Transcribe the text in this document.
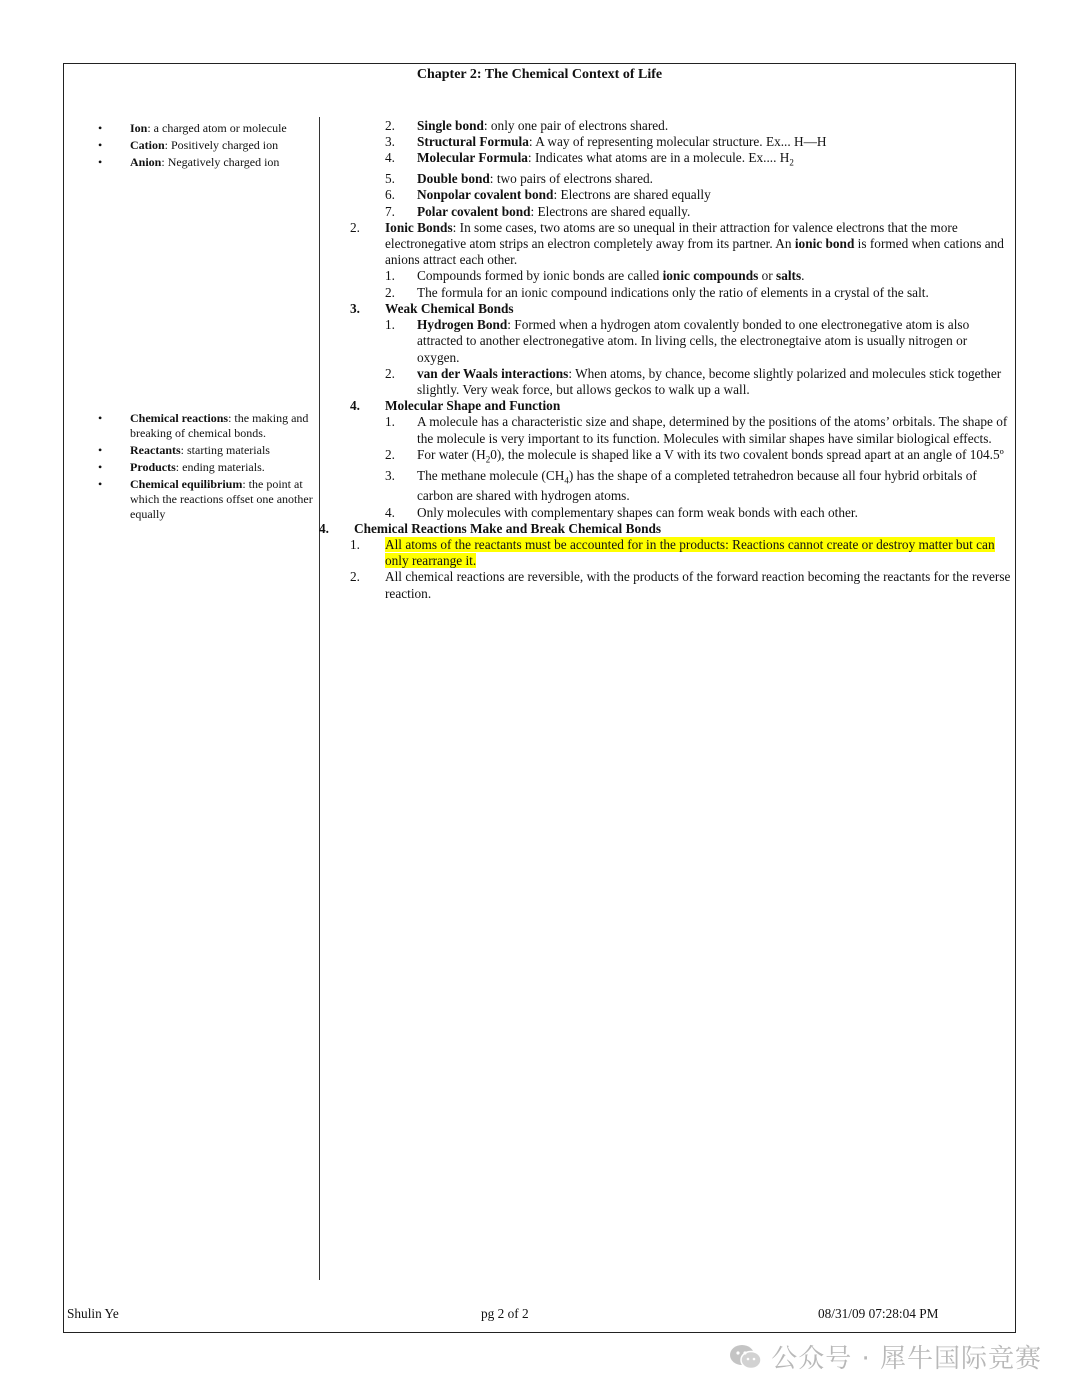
Chapter 2: The Chemical Context of Life
• Ion: a charged atom or molecule
• Cation: Positively charged ion
• Anion: Negatively charged ion
• Chemical reactions: the making and breaking of chemical bonds.
• Reactants: starting materials
• Products: ending materials.
• Chemical equilibrium: the point at which the reactions offset one another equally
2. Single bond: only one pair of electrons shared.
3. Structural Formula: A way of representing molecular structure. Ex... H—H
4. Molecular Formula: Indicates what atoms are in a molecule. Ex.... $H_2$
5. Double bond: two pairs of electrons shared.
6. Nonpolar covalent bond: Electrons are shared equally
7. Polar covalent bond: Electrons are shared equally.
2. Ionic Bonds: In some cases, two atoms are so unequal in their attraction for valence electrons that the more electronegative atom strips an electron completely away from its partner. An ionic bond is formed when cations and anions attract each other.
1. Compounds formed by ionic bonds are called ionic compounds or salts.
2. The formula for an ionic compound indications only the ratio of elements in a crystal of the salt.
3. Weak Chemical Bonds
1. Hydrogen Bond: Formed when a hydrogen atom covalently bonded to one electronegative atom is also attracted to another electronegative atom. In living cells, the electronegtaive atom is usually nitrogen or oxygen.
2. van der Waals interactions: When atoms, by chance, become slightly polarized and molecules stick together slightly. Very weak force, but allows geckos to walk up a wall.
4. Molecular Shape and Function
1. A molecule has a characteristic size and shape, determined by the positions of the atoms’ orbitals. The shape of the molecule is very important to its function. Molecules with similar shapes have similar biological effects.
2. For water $(H_20)$, the molecule is shaped like a V with its two covalent bonds spread apart at an angle of 104.5º
3. The methane molecule $(CH_4)$ has the shape of a completed tetrahedron because all four hybrid orbitals of carbon are shared with hydrogen atoms.
4. Only molecules with complementary shapes can form weak bonds with each other.
4. Chemical Reactions Make and Break Chemical Bonds
1. All atoms of the reactants must be accounted for in the products: Reactions cannot create or destroy matter but can only rearrange it.
2. All chemical reactions are reversible, with the products of the forward reaction becoming the reactants for the reverse reaction.
Shulin Ye	pg 2 of 2	08/31/09 07:28:04 PM
公众号 · 犀牛国际竞赛
